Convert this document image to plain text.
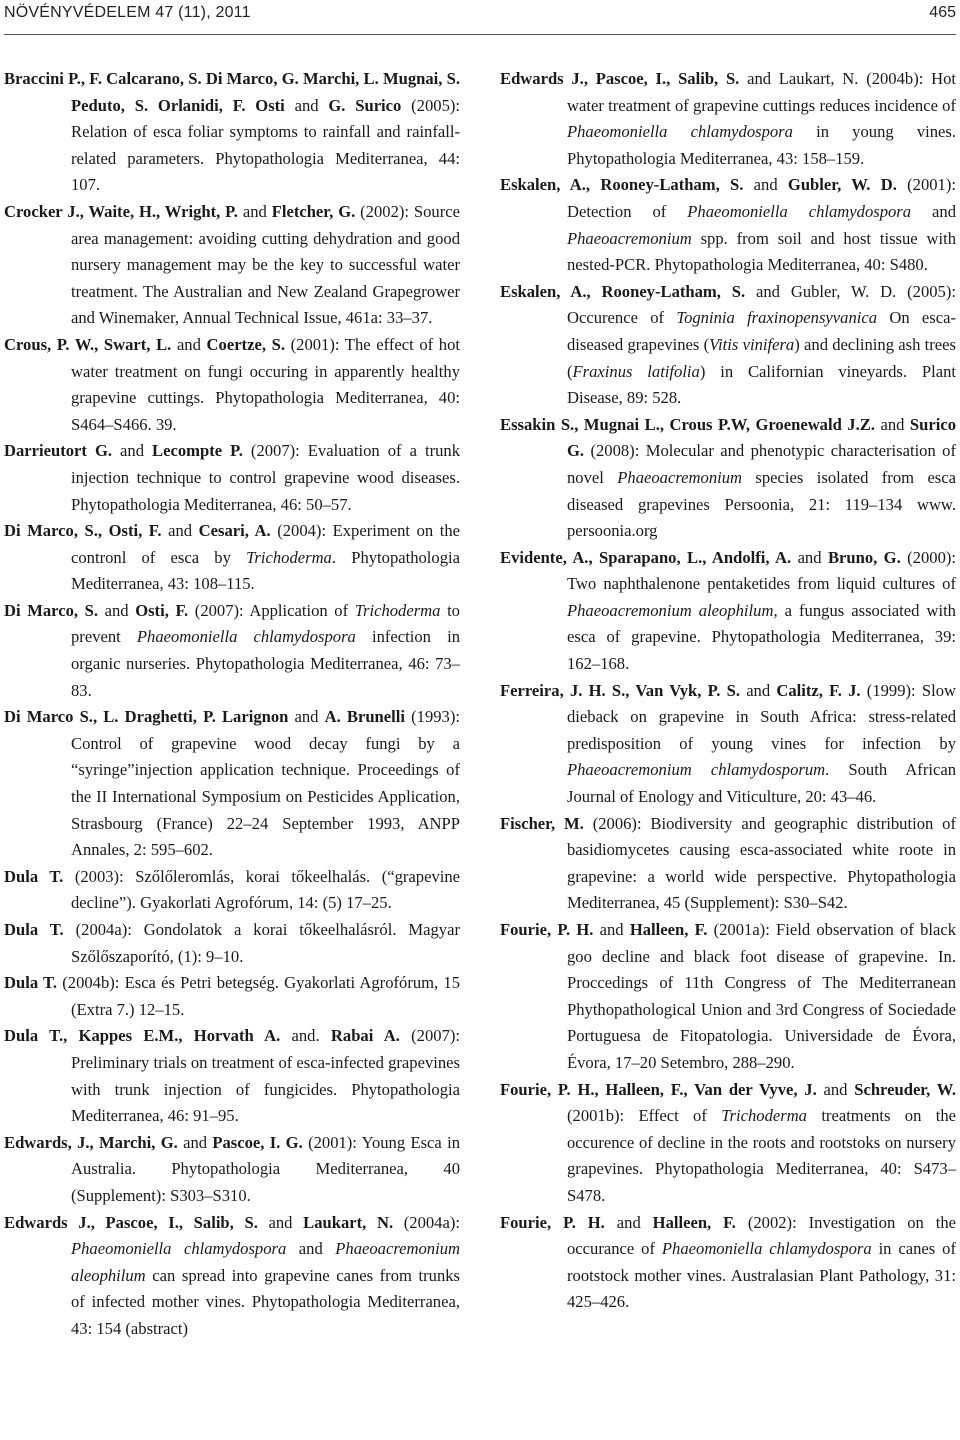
NÖVÉNYVÉDELEM 47 (11), 2011	465

Braccini P., F. Calcarano, S. Di Marco, G. Marchi, L. Mugnai, S. Peduto, S. Orlanidi, F. Osti and G. Surico (2005): Relation of esca foliar symptoms to rainfall and rainfall-related parameters. Phytopathologia Mediterranea, 44: 107.

Crocker J., Waite, H., Wright, P. and Fletcher, G. (2002): Source area management: avoiding cutting dehydration and good nursery management may be the key to successful water treatment. The Australian and New Zealand Grapegrower and Winemaker, Annual Technical Issue, 461a: 33–37.

Crous, P. W., Swart, L. and Coertze, S. (2001): The effect of hot water treatment on fungi occuring in apparently healthy grapevine cuttings. Phytopathologia Mediterranea, 40: S464–S466. 39.

Darrieutort G. and Lecompte P. (2007): Evaluation of a trunk injection technique to control grapevine wood diseases. Phytopathologia Mediterranea, 46: 50–57.

Di Marco, S., Osti, F. and Cesari, A. (2004): Experiment on the contronl of esca by Trichoderma. Phytopathologia Mediterranea, 43: 108–115.

Di Marco, S. and Osti, F. (2007): Application of Trichoderma to prevent Phaeomoniella chlamydospora infection in organic nurseries. Phytopathologia Mediterranea, 46: 73–83.

Di Marco S., L. Draghetti, P. Larignon and A. Brunelli (1993): Control of grapevine wood decay fungi by a “syringe”injection application technique. Proceedings of the II International Symposium on Pesticides Application, Strasbourg (France) 22–24 September 1993, ANPP Annales, 2: 595–602.

Dula T. (2003): Szőlőleromlás, korai tőkeelhalás. (“grapevine decline”). Gyakorlati Agrofórum, 14: (5) 17–25.

Dula T. (2004a): Gondolatok a korai tőkeelhalásról. Magyar Szőlőszaporító, (1): 9–10.

Dula T. (2004b): Esca és Petri betegség. Gyakorlati Agrofórum, 15 (Extra 7.) 12–15.

Dula T., Kappes E.M., Horvath A. and. Rabai A. (2007): Preliminary trials on treatment of esca-infected grapevines with trunk injection of fungicides. Phytopathologia Mediterranea, 46: 91–95.

Edwards, J., Marchi, G. and Pascoe, I. G. (2001): Young Esca in Australia. Phytopathologia Mediterranea, 40 (Supplement): S303–S310.

Edwards J., Pascoe, I., Salib, S. and Laukart, N. (2004a): Phaeomoniella chlamydospora and Phaeoacremonium aleophilum can spread into grapevine canes from trunks of infected mother vines. Phytopathologia Mediterranea, 43: 154 (abstract)

Edwards J., Pascoe, I., Salib, S. and Laukart, N. (2004b): Hot water treatment of grapevine cuttings reduces incidence of Phaeomoniella chlamydospora in young vines. Phytopathologia Mediterranea, 43: 158–159.

Eskalen, A., Rooney-Latham, S. and Gubler, W. D. (2001): Detection of Phaeomoniella chlamydospora and Phaeoacremonium spp. from soil and host tissue with nested-PCR. Phytopathologia Mediterranea, 40: S480.

Eskalen, A., Rooney-Latham, S. and Gubler, W. D. (2005): Occurence of Togninia fraxinopensyvanica On esca-diseased grapevines (Vitis vinifera) and declining ash trees (Fraxinus latifolia) in Californian vineyards. Plant Disease, 89: 528.

Essakin S., Mugnai L., Crous P.W, Groenewald J.Z. and Surico G. (2008): Molecular and phenotypic characterisation of novel Phaeoacremonium species isolated from esca diseased grapevines Persoonia, 21: 119–134 www. persoonia.org

Evidente, A., Sparapano, L., Andolfi, A. and Bruno, G. (2000): Two naphthalenone pentaketides from liquid cultures of Phaeoacremonium aleophilum, a fungus associated with esca of grapevine. Phytopathologia Mediterranea, 39: 162–168.

Ferreira, J. H. S., Van Vyk, P. S. and Calitz, F. J. (1999): Slow dieback on grapevine in South Africa: stress-related predisposition of young vines for infection by Phaeoacremonium chlamydosporum. South African Journal of Enology and Viticulture, 20: 43–46.

Fischer, M. (2006): Biodiversity and geographic distribution of basidiomycetes causing esca-associated white roote in grapevine: a world wide perspective. Phytopathologia Mediterranea, 45 (Supplement): S30–S42.

Fourie, P. H. and Halleen, F. (2001a): Field observation of black goo decline and black foot disease of grapevine. In. Proccedings of 11th Congress of The Mediterranean Phythopathological Union and 3rd Congress of Sociedade Portuguesa de Fitopatologia. Universidade de Évora, Évora, 17–20 Setembro, 288–290.

Fourie, P. H., Halleen, F., Van der Vyve, J. and Schreuder, W. (2001b): Effect of Trichoderma treatments on the occurence of decline in the roots and rootstoks on nursery grapevines. Phytopathologia Mediterranea, 40: S473–S478.

Fourie, P. H. and Halleen, F. (2002): Investigation on the occurance of Phaeomoniella chlamydospora in canes of rootstock mother vines. Australasian Plant Pathology, 31: 425–426.
